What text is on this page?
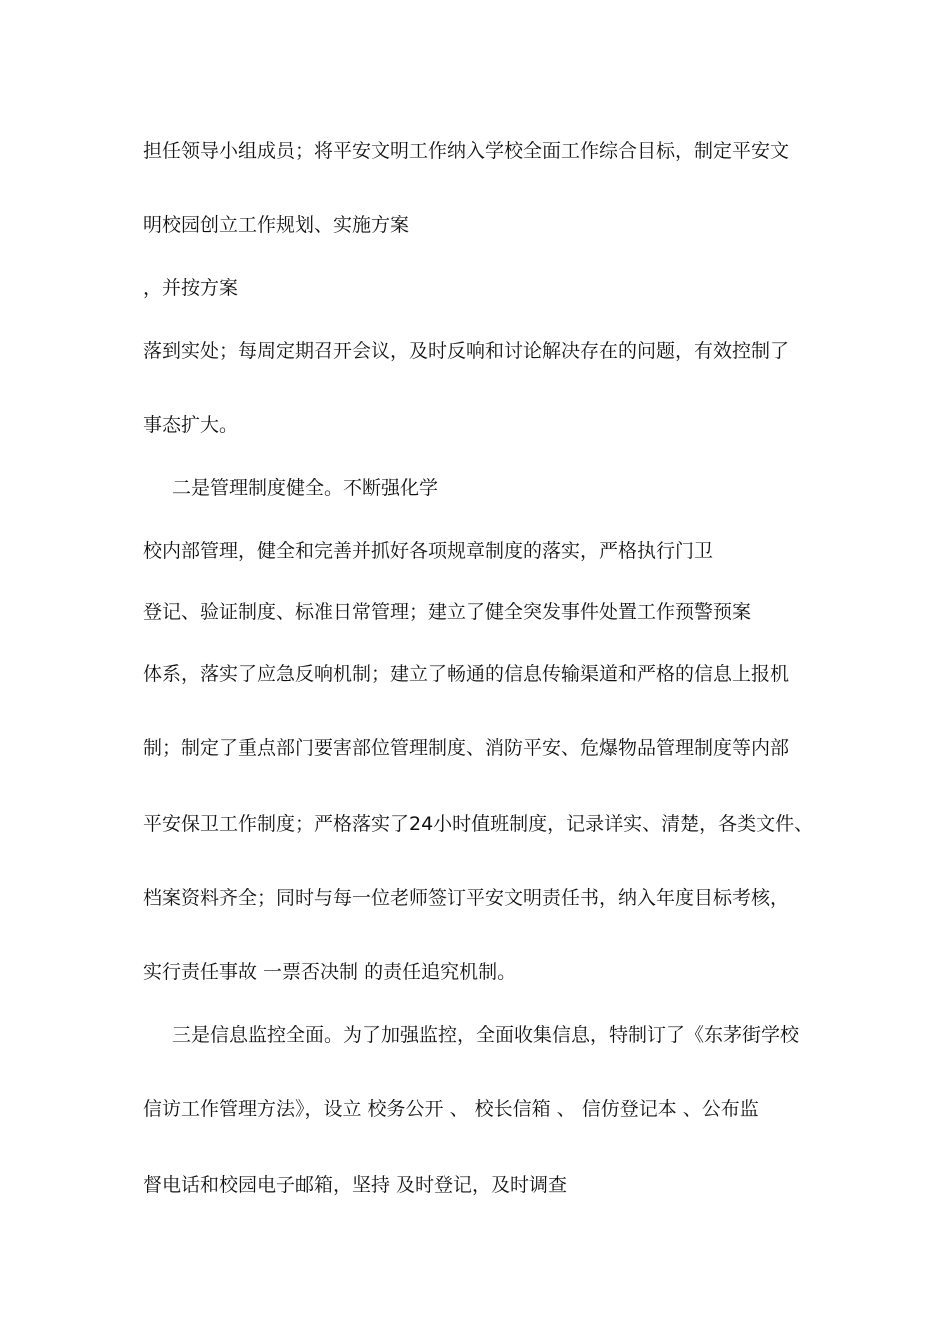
担任领导小组成员；将平安文明工作纳入学校全面工作综合目标，制定平安文
明校园创立工作规划、实施方案
，并按方案
落到实处；每周定期召开会议，及时反响和讨论解决存在的问题，有效控制了
事态扩大。
二是管理制度健全。不断强化学
校内部管理，健全和完善并抓好各项规章制度的落实，严格执行门卫
登记、验证制度、标准日常管理；建立了健全突发事件处置工作预警预案
体系，落实了应急反响机制；建立了畅通的信息传输渠道和严格的信息上报机
制；制定了重点部门要害部位管理制度、消防平安、危爆物品管理制度等内部
平安保卫工作制度；严格落实了24小时值班制度，记录详实、清楚，各类文件、
档案资料齐全；同时与每一位老师签订平安文明责任书，纳入年度目标考核，
实行责任事故 一票否决制 的责任追究机制。
三是信息监控全面。为了加强监控，全面收集信息，特制订了《东茅街学校
信访工作管理方法》，设立 校务公开 、 校长信箱 、 信仿登记本 、公布监
督电话和校园电子邮箱，坚持 及时登记，及时调查
